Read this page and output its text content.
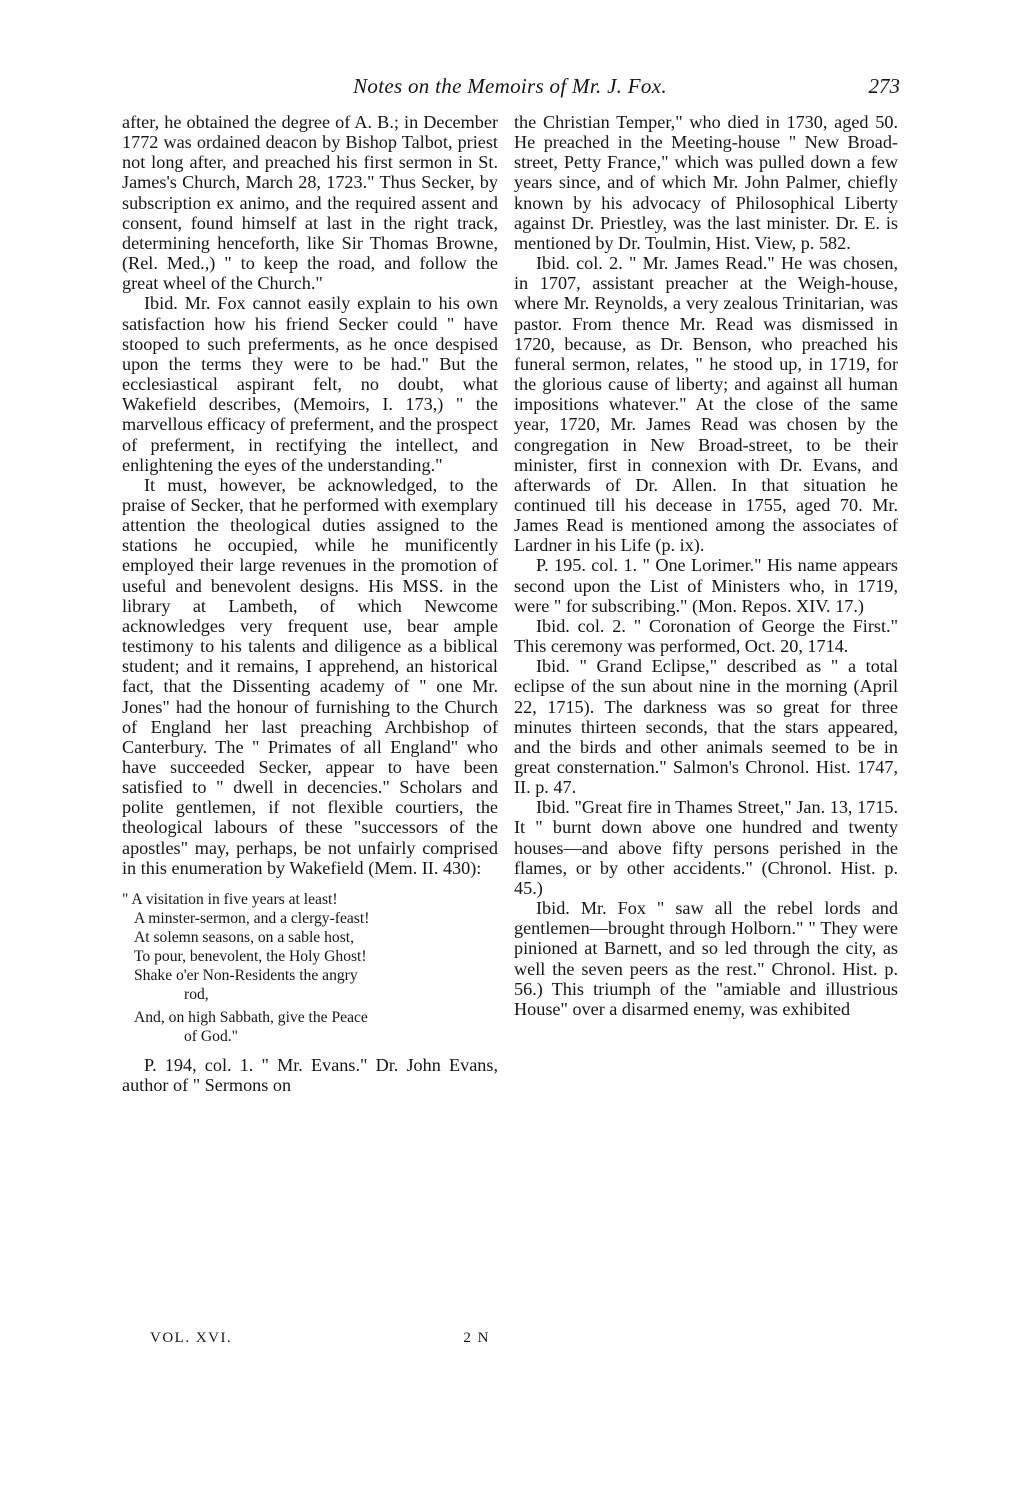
Notes on the Memoirs of Mr. J. Fox.	273

after, he obtained the degree of A. B.; in December 1772 was ordained deacon by Bishop Talbot, priest not long after, and preached his first sermon in St. James's Church, March 28, 1723." Thus Secker, by subscription ex animo, and the required assent and consent, found himself at last in the right track, determining henceforth, like Sir Thomas Browne, (Rel. Med.,) " to keep the road, and follow the great wheel of the Church."

Ibid. Mr. Fox cannot easily explain to his own satisfaction how his friend Secker could " have stooped to such preferments, as he once despised upon the terms they were to be had." But the ecclesiastical aspirant felt, no doubt, what Wakefield describes, (Memoirs, I. 173,) " the marvellous efficacy of preferment, and the prospect of preferment, in rectifying the intellect, and enlightening the eyes of the understanding."

It must, however, be acknowledged, to the praise of Secker, that he performed with exemplary attention the theological duties assigned to the stations he occupied, while he munificently employed their large revenues in the promotion of useful and benevolent designs. His MSS. in the library at Lambeth, of which Newcome acknowledges very frequent use, bear ample testimony to his talents and diligence as a biblical student; and it remains, I apprehend, an historical fact, that the Dissenting academy of " one Mr. Jones" had the honour of furnishing to the Church of England her last preaching Archbishop of Canterbury. The " Primates of all England" who have succeeded Secker, appear to have been satisfied to " dwell in decencies." Scholars and polite gentlemen, if not flexible courtiers, the theological labours of these "successors of the apostles" may, perhaps, be not unfairly comprised in this enumeration by Wakefield (Mem. II. 430):

" A visitation in five years at least!
A minster-sermon, and a clergy-feast!
At solemn seasons, on a sable host,
To pour, benevolent, the Holy Ghost!
Shake o'er Non-Residents the angry
rod,
And, on high Sabbath, give the Peace
of God."

P. 194, col. 1. " Mr. Evans." Dr. John Evans, author of " Sermons on

the Christian Temper," who died in 1730, aged 50. He preached in the Meeting-house " New Broad-street, Petty France," which was pulled down a few years since, and of which Mr. John Palmer, chiefly known by his advocacy of Philosophical Liberty against Dr. Priestley, was the last minister. Dr. E. is mentioned by Dr. Toulmin, Hist. View, p. 582.

Ibid. col. 2. " Mr. James Read." He was chosen, in 1707, assistant preacher at the Weigh-house, where Mr. Reynolds, a very zealous Trinitarian, was pastor. From thence Mr. Read was dismissed in 1720, because, as Dr. Benson, who preached his funeral sermon, relates, " he stood up, in 1719, for the glorious cause of liberty; and against all human impositions whatever." At the close of the same year, 1720, Mr. James Read was chosen by the congregation in New Broad-street, to be their minister, first in connexion with Dr. Evans, and afterwards of Dr. Allen. In that situation he continued till his decease in 1755, aged 70. Mr. James Read is mentioned among the associates of Lardner in his Life (p. ix).

P. 195. col. 1. " One Lorimer." His name appears second upon the List of Ministers who, in 1719, were " for subscribing." (Mon. Repos. XIV. 17.)

Ibid. col. 2. " Coronation of George the First." This ceremony was performed, Oct. 20, 1714.

Ibid. " Grand Eclipse," described as " a total eclipse of the sun about nine in the morning (April 22, 1715). The darkness was so great for three minutes thirteen seconds, that the stars appeared, and the birds and other animals seemed to be in great consternation." Salmon's Chronol. Hist. 1747, II. p. 47.

Ibid. "Great fire in Thames Street," Jan. 13, 1715. It " burnt down above one hundred and twenty houses—and above fifty persons perished in the flames, or by other accidents." (Chronol. Hist. p. 45.)

Ibid. Mr. Fox " saw all the rebel lords and gentlemen—brought through Holborn." " They were pinioned at Barnett, and so led through the city, as well the seven peers as the rest." Chronol. Hist. p. 56.) This triumph of the "amiable and illustrious House" over a disarmed enemy, was exhibited

VOL. XVI.	2 N
